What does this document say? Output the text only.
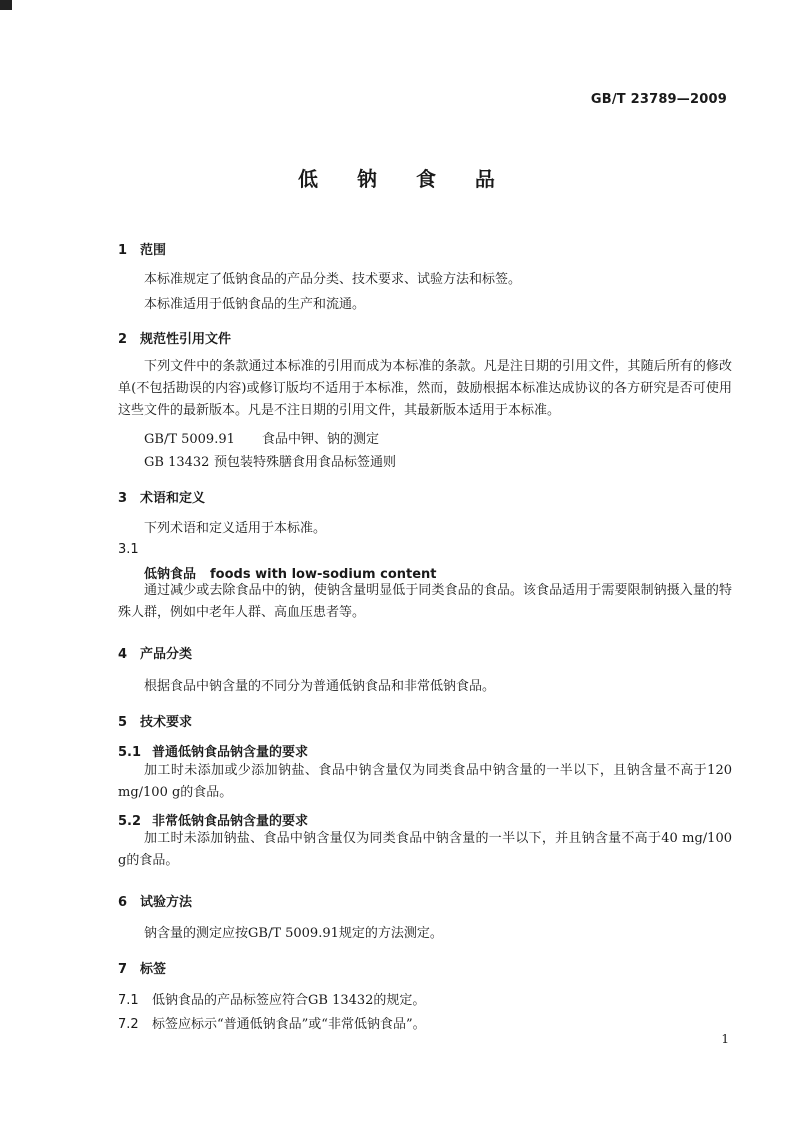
GB/T 23789—2009
低 钠 食 品
1 范围
本标准规定了低钠食品的产品分类、技术要求、试验方法和标签。
本标准适用于低钠食品的生产和流通。
2 规范性引用文件
下列文件中的条款通过本标准的引用而成为本标准的条款。凡是注日期的引用文件，其随后所有的修改单(不包括勘误的内容)或修订版均不适用于本标准，然而，鼓励根据本标准达成协议的各方研究是否可使用这些文件的最新版本。凡是不注日期的引用文件，其最新版本适用于本标准。
GB/T 5009.91 食品中钾、钠的测定
GB 13432 预包装特殊膳食用食品标签通则
3 术语和定义
下列术语和定义适用于本标准。
3.1
低钠食品 foods with low-sodium content
通过减少或去除食品中的钠，使钠含量明显低于同类食品的食品。该食品适用于需要限制钠摄入量的特殊人群，例如中老年人群、高血压患者等。
4 产品分类
根据食品中钠含量的不同分为普通低钠食品和非常低钠食品。
5 技术要求
5.1 普通低钠食品钠含量的要求
加工时未添加或少添加钠盐、食品中钠含量仅为同类食品中钠含量的一半以下，且钠含量不高于120 mg/100 g的食品。
5.2 非常低钠食品钠含量的要求
加工时未添加钠盐、食品中钠含量仅为同类食品中钠含量的一半以下，并且钠含量不高于40 mg/100 g的食品。
6 试验方法
钠含量的测定应按GB/T 5009.91规定的方法测定。
7 标签
7.1 低钠食品的产品标签应符合GB 13432的规定。
7.2 标签应标示“普通低钠食品”或“非常低钠食品”。
1
